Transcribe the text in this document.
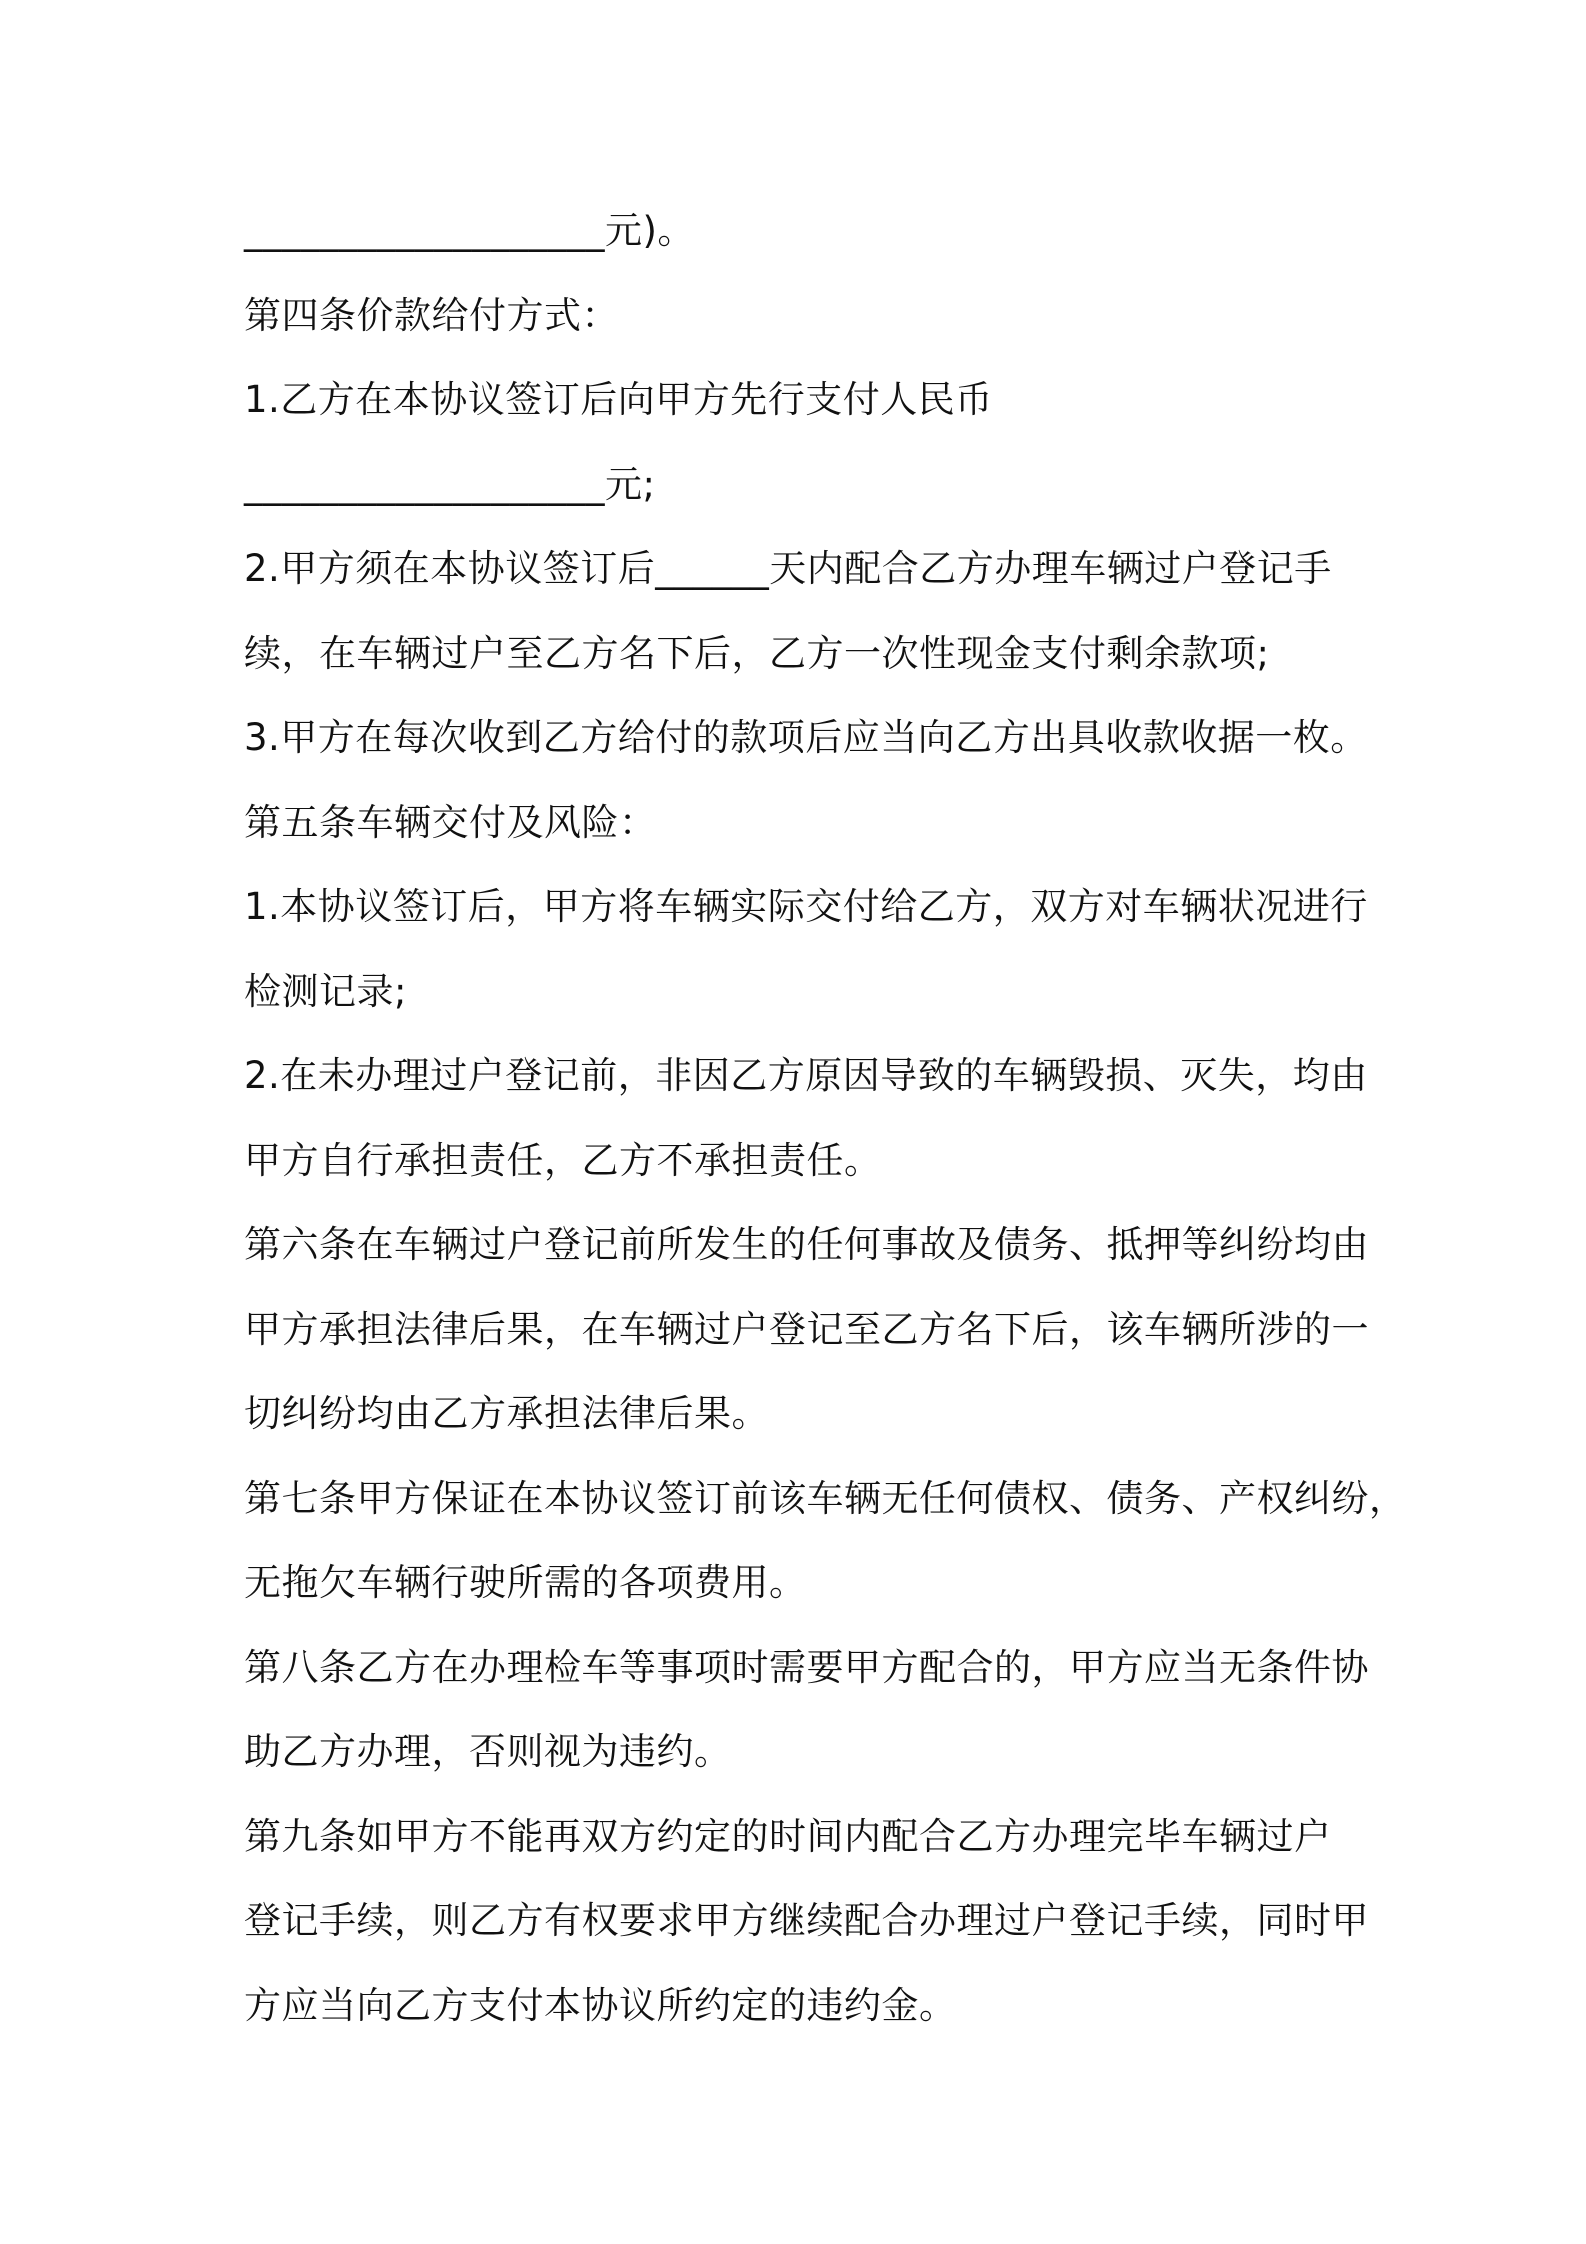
___________________元)。
第四条价款给付方式：
1.乙方在本协议签订后向甲方先行支付人民币
___________________元;
2.甲方须在本协议签订后______天内配合乙方办理车辆过户登记手
续，在车辆过户至乙方名下后，乙方一次性现金支付剩余款项;
3.甲方在每次收到乙方给付的款项后应当向乙方出具收款收据一枚。
第五条车辆交付及风险：
1.本协议签订后，甲方将车辆实际交付给乙方，双方对车辆状况进行
检测记录;
2.在未办理过户登记前，非因乙方原因导致的车辆毁损、灭失，均由
甲方自行承担责任，乙方不承担责任。
第六条在车辆过户登记前所发生的任何事故及债务、抵押等纠纷均由
甲方承担法律后果，在车辆过户登记至乙方名下后，该车辆所涉的一
切纠纷均由乙方承担法律后果。
第七条甲方保证在本协议签订前该车辆无任何债权、债务、产权纠纷，
无拖欠车辆行驶所需的各项费用。
第八条乙方在办理检车等事项时需要甲方配合的，甲方应当无条件协
助乙方办理，否则视为违约。
第九条如甲方不能再双方约定的时间内配合乙方办理完毕车辆过户
登记手续，则乙方有权要求甲方继续配合办理过户登记手续，同时甲
方应当向乙方支付本协议所约定的违约金。
